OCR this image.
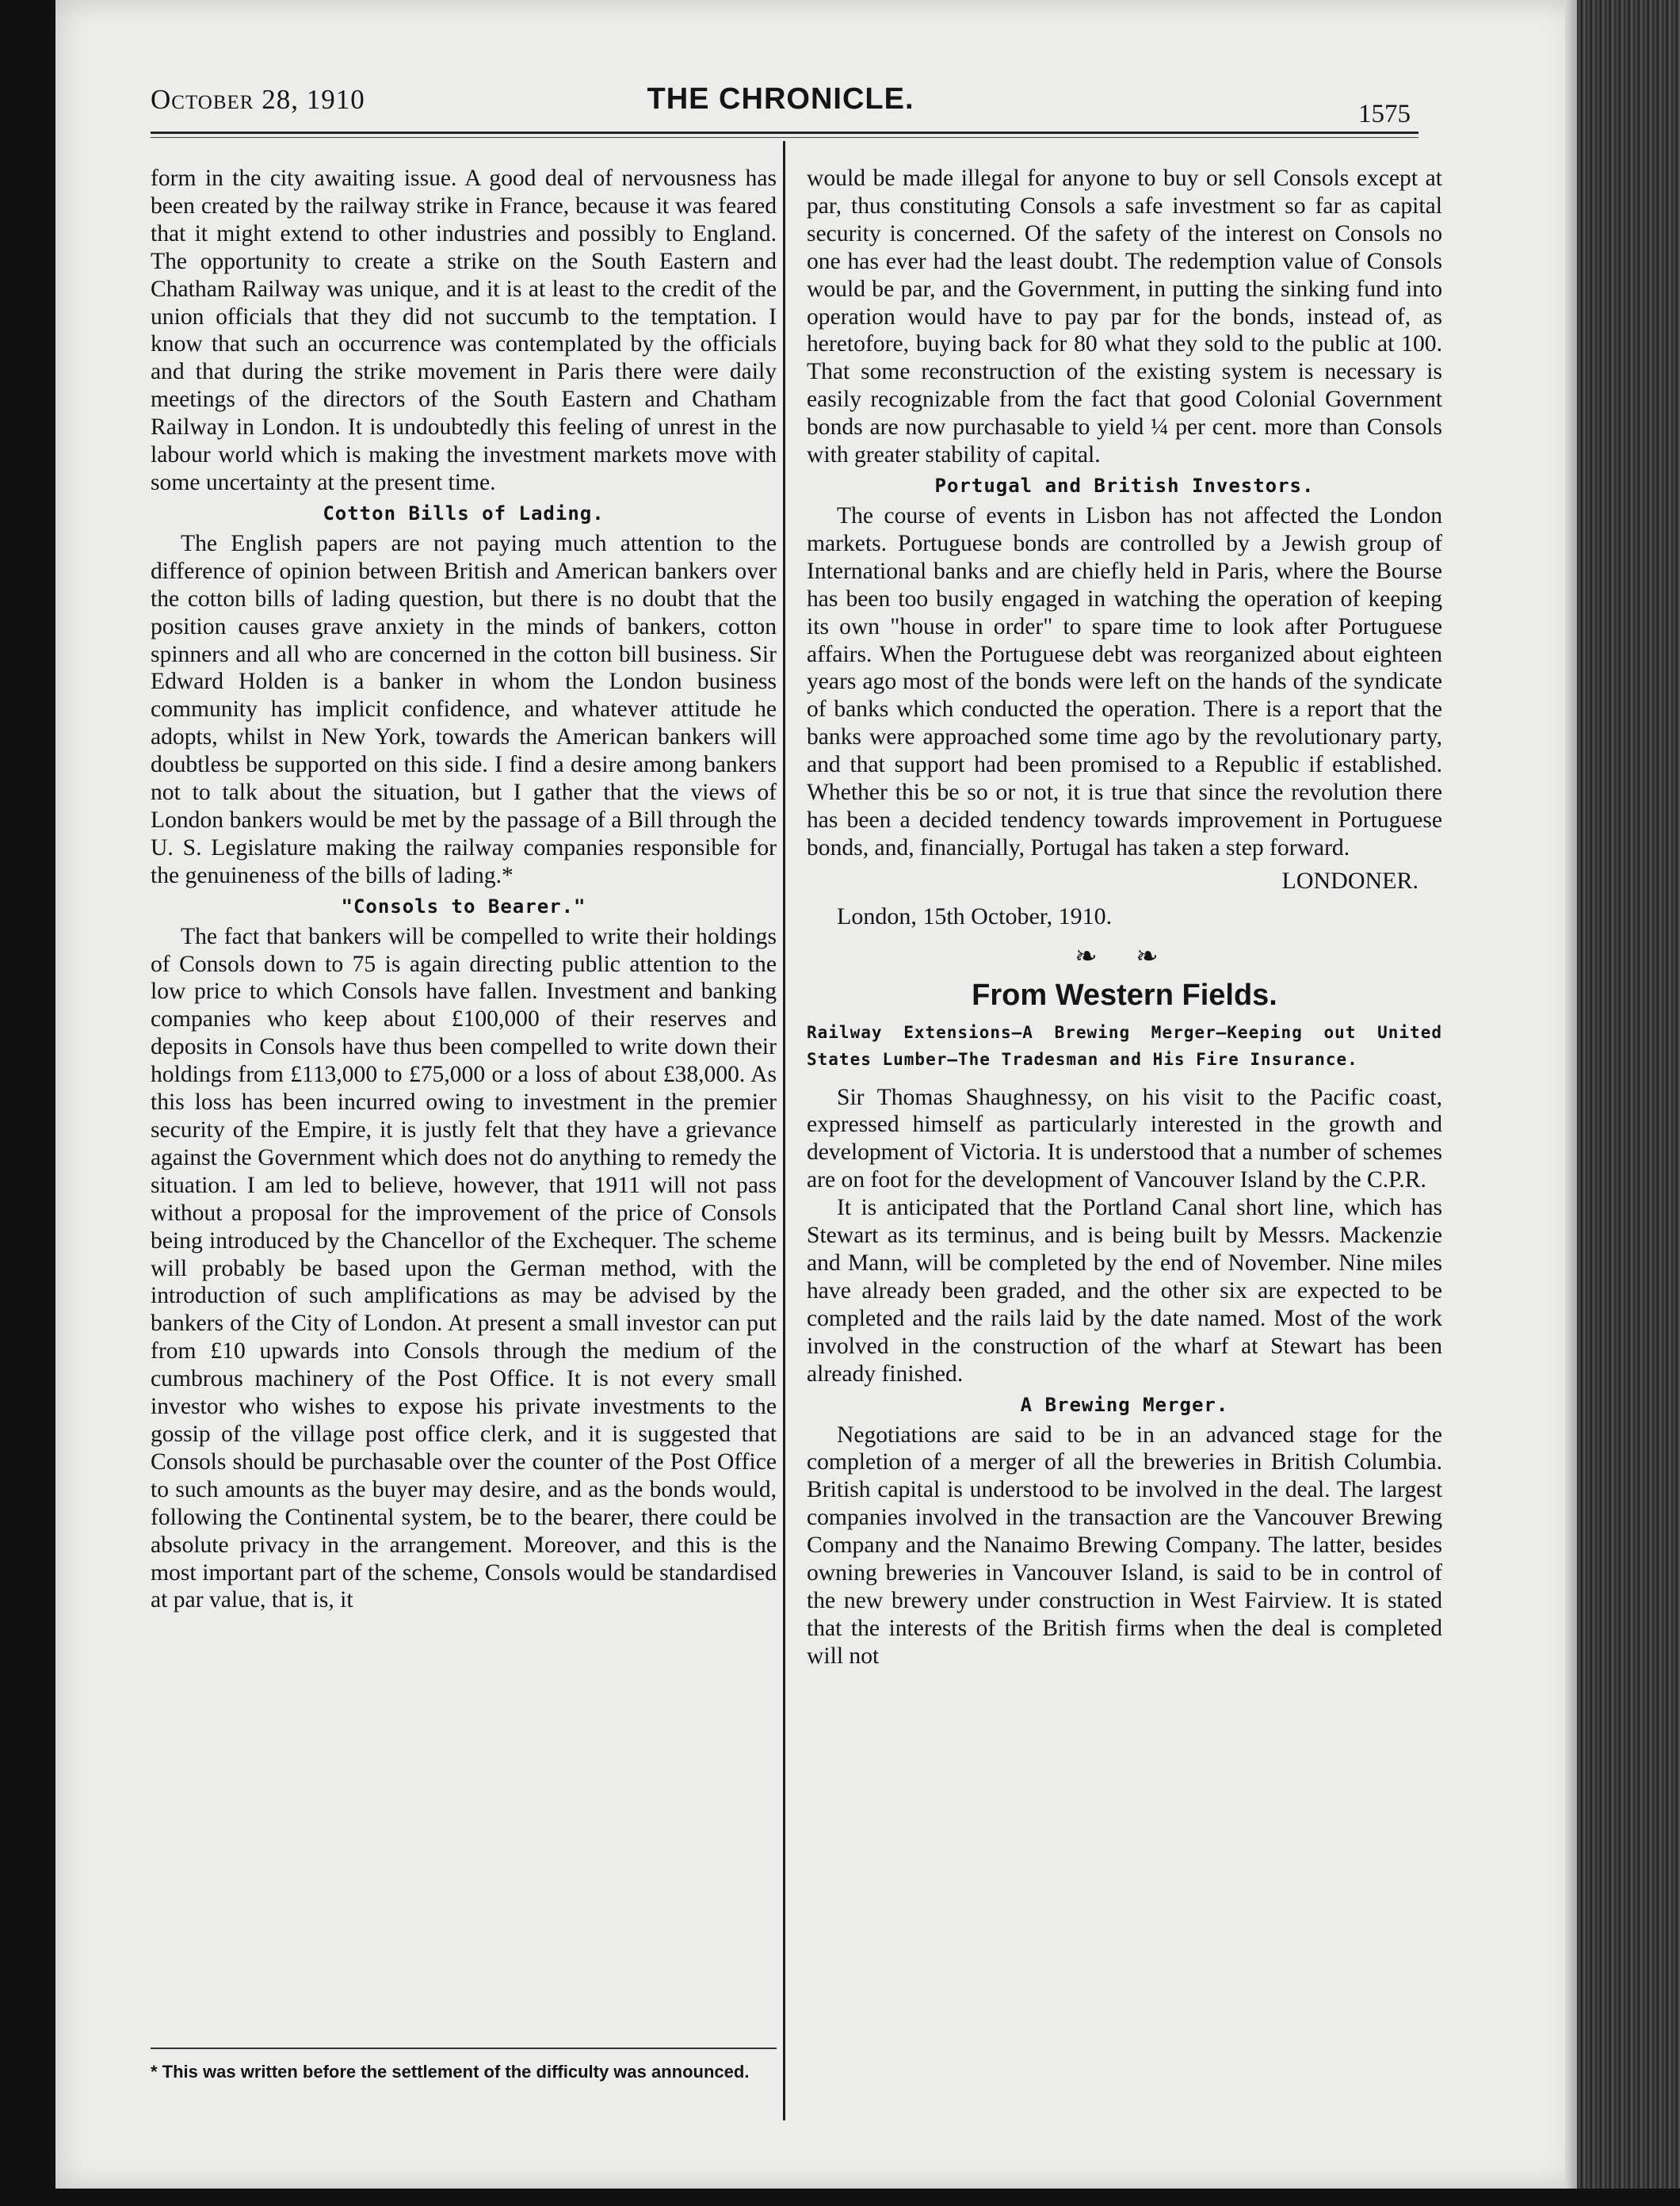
October 28, 1910	THE CHRONICLE.	1575

form in the city awaiting issue. A good deal of nervousness has been created by the railway strike in France, because it was feared that it might extend to other industries and possibly to England. The opportunity to create a strike on the South Eastern and Chatham Railway was unique, and it is at least to the credit of the union officials that they did not succumb to the temptation. I know that such an occurrence was contemplated by the officials and that during the strike movement in Paris there were daily meetings of the directors of the South Eastern and Chatham Railway in London. It is undoubtedly this feeling of unrest in the labour world which is making the investment markets move with some uncertainty at the present time.

Cotton Bills of Lading.

The English papers are not paying much attention to the difference of opinion between British and American bankers over the cotton bills of lading question, but there is no doubt that the position causes grave anxiety in the minds of bankers, cotton spinners and all who are concerned in the cotton bill business. Sir Edward Holden is a banker in whom the London business community has implicit confidence, and whatever attitude he adopts, whilst in New York, towards the American bankers will doubtless be supported on this side. I find a desire among bankers not to talk about the situation, but I gather that the views of London bankers would be met by the passage of a Bill through the U. S. Legislature making the railway companies responsible for the genuineness of the bills of lading.*

"Consols to Bearer."

The fact that bankers will be compelled to write their holdings of Consols down to 75 is again directing public attention to the low price to which Consols have fallen. Investment and banking companies who keep about £100,000 of their reserves and deposits in Consols have thus been compelled to write down their holdings from £113,000 to £75,000 or a loss of about £38,000. As this loss has been incurred owing to investment in the premier security of the Empire, it is justly felt that they have a grievance against the Government which does not do anything to remedy the situation. I am led to believe, however, that 1911 will not pass without a proposal for the improvement of the price of Consols being introduced by the Chancellor of the Exchequer. The scheme will probably be based upon the German method, with the introduction of such amplifications as may be advised by the bankers of the City of London. At present a small investor can put from £10 upwards into Consols through the medium of the cumbrous machinery of the Post Office. It is not every small investor who wishes to expose his private investments to the gossip of the village post office clerk, and it is suggested that Consols should be purchasable over the counter of the Post Office to such amounts as the buyer may desire, and as the bonds would, following the Continental system, be to the bearer, there could be absolute privacy in the arrangement. Moreover, and this is the most important part of the scheme, Consols would be standardised at par value, that is, it

* This was written before the settlement of the difficulty was announced.

would be made illegal for anyone to buy or sell Consols except at par, thus constituting Consols a safe investment so far as capital security is concerned. Of the safety of the interest on Consols no one has ever had the least doubt. The redemption value of Consols would be par, and the Government, in putting the sinking fund into operation would have to pay par for the bonds, instead of, as heretofore, buying back for 80 what they sold to the public at 100. That some reconstruction of the existing system is necessary is easily recognizable from the fact that good Colonial Government bonds are now purchasable to yield ¼ per cent. more than Consols with greater stability of capital.

Portugal and British Investors.

The course of events in Lisbon has not affected the London markets. Portuguese bonds are controlled by a Jewish group of International banks and are chiefly held in Paris, where the Bourse has been too busily engaged in watching the operation of keeping its own "house in order" to spare time to look after Portuguese affairs. When the Portuguese debt was reorganized about eighteen years ago most of the bonds were left on the hands of the syndicate of banks which conducted the operation. There is a report that the banks were approached some time ago by the revolutionary party, and that support had been promised to a Republic if established. Whether this be so or not, it is true that since the revolution there has been a decided tendency towards improvement in Portuguese bonds, and, financially, Portugal has taken a step forward.

LONDONER.

London, 15th October, 1910.

❧ ❧
From Western Fields.
Railway Extensions—A Brewing Merger—Keeping out United States Lumber—The Tradesman and His Fire Insurance.

Sir Thomas Shaughnessy, on his visit to the Pacific coast, expressed himself as particularly interested in the growth and development of Victoria. It is understood that a number of schemes are on foot for the development of Vancouver Island by the C.P.R.

It is anticipated that the Portland Canal short line, which has Stewart as its terminus, and is being built by Messrs. Mackenzie and Mann, will be completed by the end of November. Nine miles have already been graded, and the other six are expected to be completed and the rails laid by the date named. Most of the work involved in the construction of the wharf at Stewart has been already finished.

A Brewing Merger.

Negotiations are said to be in an advanced stage for the completion of a merger of all the breweries in British Columbia. British capital is understood to be involved in the deal. The largest companies involved in the transaction are the Vancouver Brewing Company and the Nanaimo Brewing Company. The latter, besides owning breweries in Vancouver Island, is said to be in control of the new brewery under construction in West Fairview. It is stated that the interests of the British firms when the deal is completed will not
